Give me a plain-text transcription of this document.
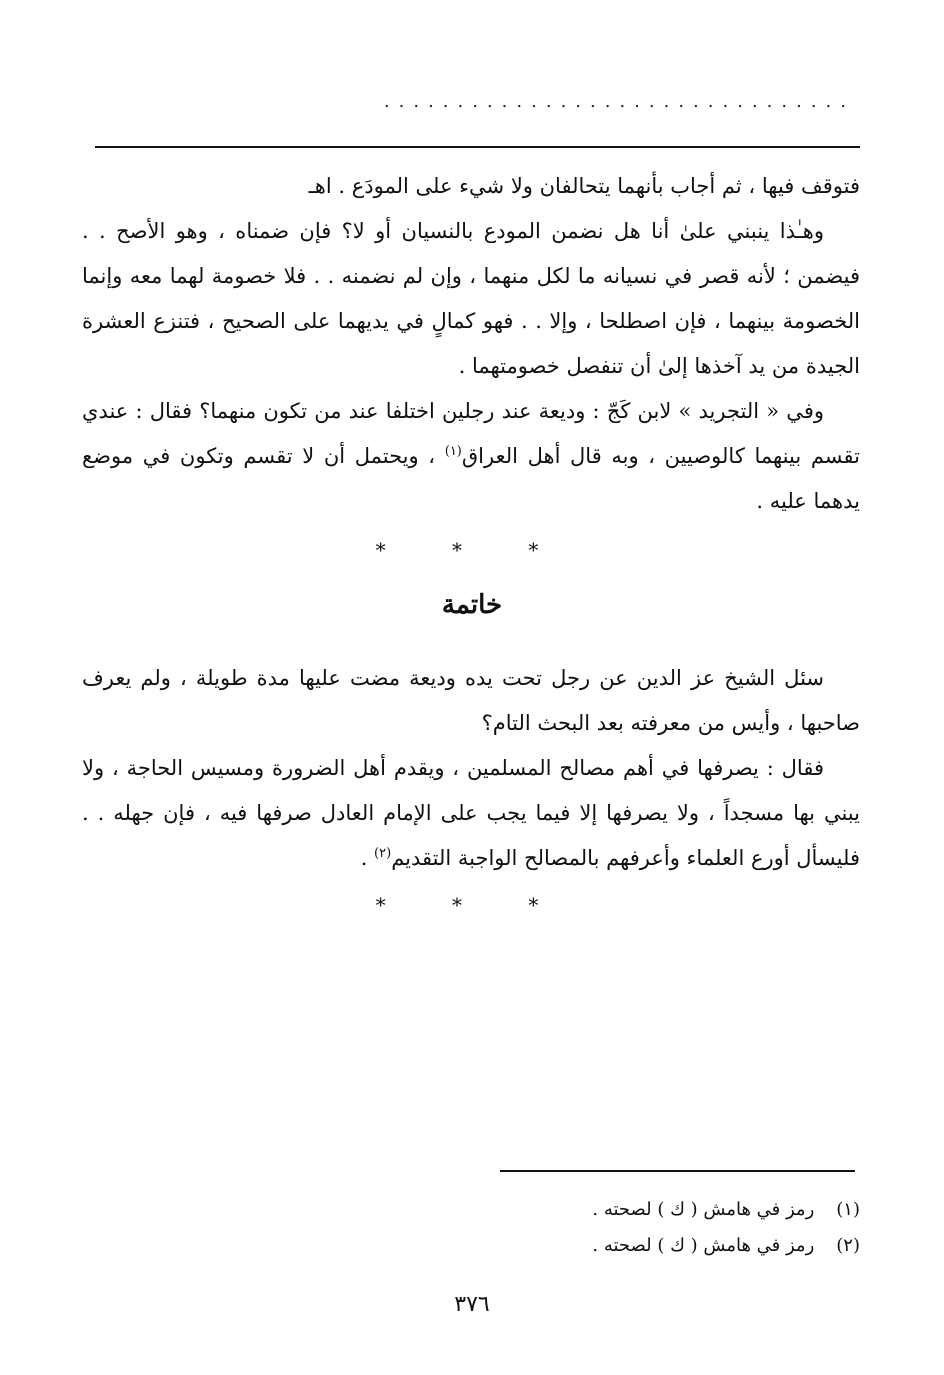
................................

فتوقف فيها ، ثم أجاب بأنهما يتحالفان ولا شيء على المودَع . اهـ

وهـٰذا ينبني علىٰ أنا هل نضمن المودع بالنسيان أو لا؟ فإن ضمناه ، وهو الأصح . . فيضمن ؛ لأنه قصر في نسيانه ما لكل منهما ، وإن لم نضمنه . . فلا خصومة لهما معه وإنما الخصومة بينهما ، فإن اصطلحا ، وإلا . . فهو كمالٍ في يديهما على الصحيح ، فتنزع العشرة الجيدة من يد آخذها إلىٰ أن تنفصل خصومتهما .

وفي « التجريد » لابن كَجّ : وديعة عند رجلين اختلفا عند من تكون منهما؟ فقال : عندي تقسم بينهما كالوصيين ، وبه قال أهل العراق$^{(١)}$ ، ويحتمل أن لا تقسم وتكون في موضع يدهما عليه .

* * *
خاتمة

سئل الشيخ عز الدين عن رجل تحت يده وديعة مضت عليها مدة طويلة ، ولم يعرف صاحبها ، وأيس من معرفته بعد البحث التام؟

فقال : يصرفها في أهم مصالح المسلمين ، ويقدم أهل الضرورة ومسيس الحاجة ، ولا يبني بها مسجداً ، ولا يصرفها إلا فيما يجب على الإمام العادل صرفها فيه ، فإن جهله . . فليسأل أورع العلماء وأعرفهم بالمصالح الواجبة التقديم$^{(٢)}$ .

* * *
(١) رمز في هامش ( ك ) لصحته .
(٢) رمز في هامش ( ك ) لصحته .
٣٧٦
